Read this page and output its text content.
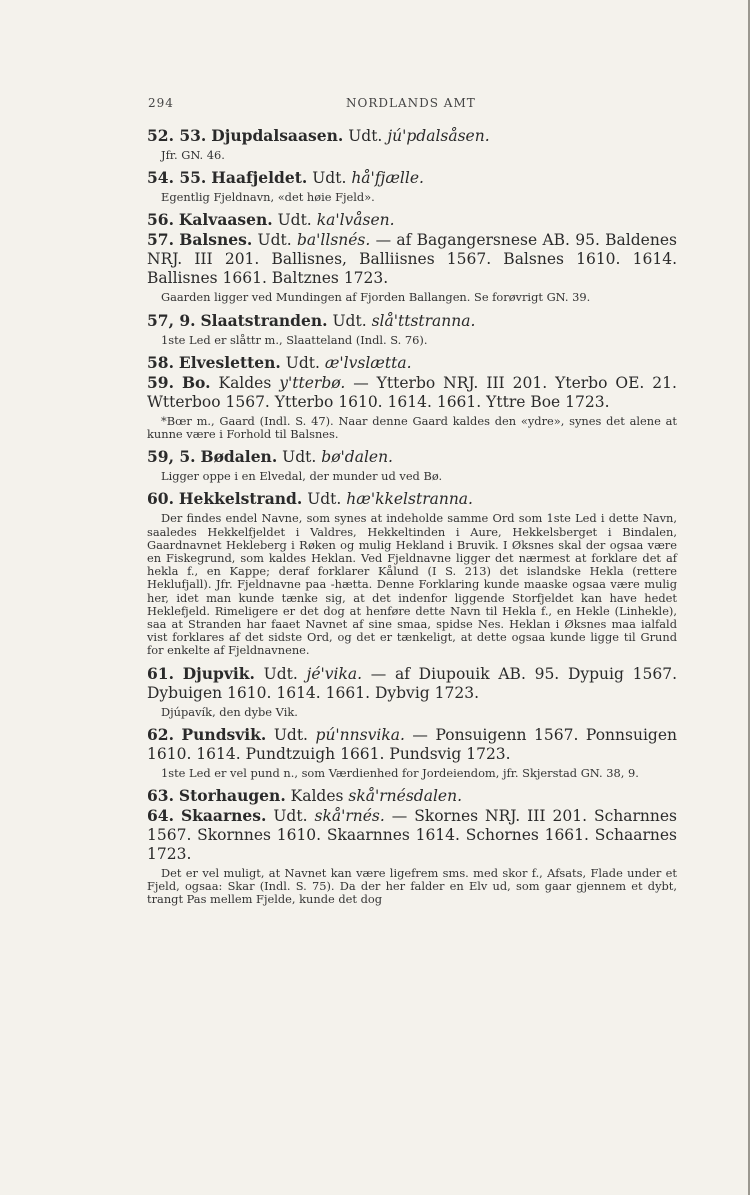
294	NORDLANDS AMT
52. 53. Djupdalsaasen. Udt. jú'pdalsåsen.
Jfr. GN. 46.
54. 55. Haafjeldet. Udt. hå'fjælle.
Egentlig Fjeldnavn, «det høie Fjeld».
56. Kalvaasen. Udt. ka'lvåsen.
57. Balsnes. Udt. ba'llsnés. — af Bagangersnese AB. 95. Baldenes NRJ. III 201. Ballisnes, Balliisnes 1567. Balsnes 1610. 1614. Ballisnes 1661. Baltznes 1723.
Gaarden ligger ved Mundingen af Fjorden Ballangen. Se forøvrigt GN. 39.
57, 9. Slaatstranden. Udt. slå'ttstranna.
1ste Led er slåttr m., Slaatteland (Indl. S. 76).
58. Elvesletten. Udt. æ'lvslætta.
59. Bo. Kaldes y'tterbø. — Ytterbo NRJ. III 201. Yterbo OE. 21. Wtterboo 1567. Ytterbo 1610. 1614. 1661. Yttre Boe 1723.
*Bœr m., Gaard (Indl. S. 47). Naar denne Gaard kaldes den «ydre», synes det alene at kunne være i Forhold til Balsnes.
59, 5. Bødalen. Udt. bø'dalen.
Ligger oppe i en Elvedal, der munder ud ved Bø.
60. Hekkelstrand. Udt. hæ'kkelstranna.
Der findes endel Navne, som synes at indeholde samme Ord som 1ste Led i dette Navn, saaledes Hekkelfjeldet i Valdres, Hekkeltinden i Aure, Hekkelsberget i Bindalen, Gaardnavnet Hekleberg i Røken og mulig Hekland i Bruvik. I Øksnes skal der ogsaa være en Fiskegrund, som kaldes Heklan. Ved Fjeldnavne ligger det nærmest at forklare det af hekla f., en Kappe; deraf forklarer Kålund (I S. 213) det islandske Hekla (rettere Heklufjall). Jfr. Fjeldnavne paa -hætta. Denne Forklaring kunde maaske ogsaa være mulig her, idet man kunde tænke sig, at det indenfor liggende Storfjeldet kan have hedet Heklefjeld. Rimeligere er det dog at henføre dette Navn til Hekla f., en Hekle (Linhekle), saa at Stranden har faaet Navnet af sine smaa, spidse Nes. Heklan i Øksnes maa ialfald vist forklares af det sidste Ord, og det er tænkeligt, at dette ogsaa kunde ligge til Grund for enkelte af Fjeldnavnene.
61. Djupvik. Udt. jé'vika. — af Diupouik AB. 95. Dypuig 1567. Dybuigen 1610. 1614. 1661. Dybvig 1723.
Djúpavík, den dybe Vik.
62. Pundsvik. Udt. pú'nnsvika. — Ponsuigenn 1567. Ponnsuigen 1610. 1614. Pundtzuigh 1661. Pundsvig 1723.
1ste Led er vel pund n., som Værdienhed for Jordeiendom, jfr. Skjerstad GN. 38, 9.
63. Storhaugen. Kaldes skå'rnésdalen.
64. Skaarnes. Udt. skå'rnés. — Skornes NRJ. III 201. Scharnnes 1567. Skornnes 1610. Skaarnnes 1614. Schornes 1661. Schaarnes 1723.
Det er vel muligt, at Navnet kan være ligefrem sms. med skor f., Afsats, Flade under et Fjeld, ogsaa: Skar (Indl. S. 75). Da der her falder en Elv ud, som gaar gjennem et dybt, trangt Pas mellem Fjelde, kunde det dog
